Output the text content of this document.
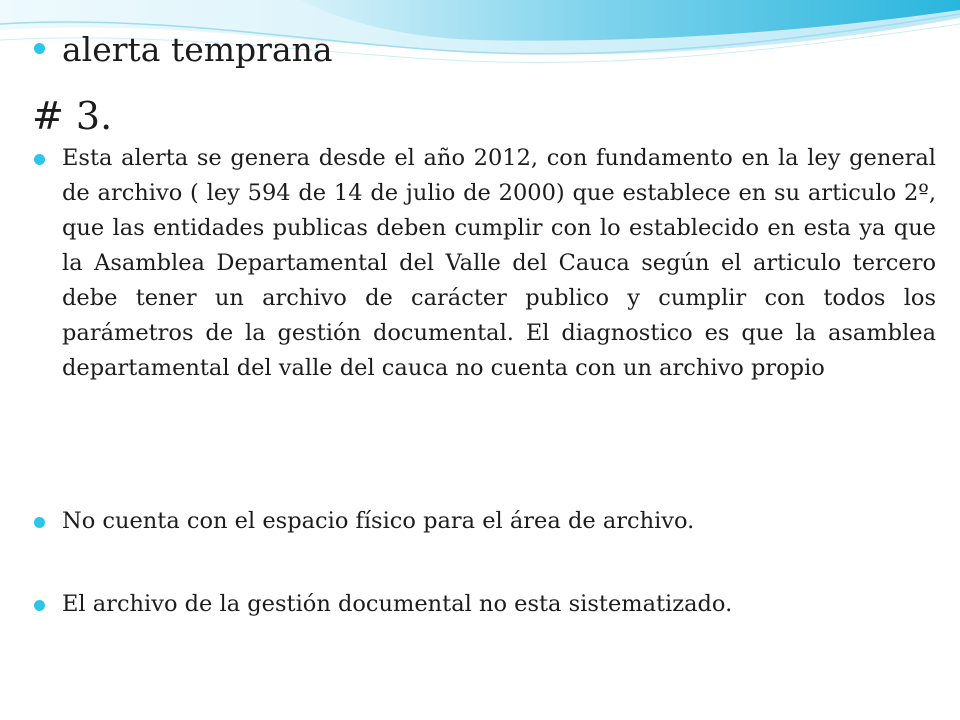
alerta temprana
# 3.

Esta alerta se genera desde el año 2012, con fundamento en la ley general de archivo ( ley 594 de 14 de julio de 2000) que establece en su articulo 2º, que las entidades publicas deben cumplir con lo establecido en esta ya que la Asamblea Departamental del Valle del Cauca según el articulo tercero debe tener un archivo de carácter publico y cumplir con todos los parámetros de la gestión documental. El diagnostico es que la asamblea departamental del valle del cauca no cuenta con un archivo propio

No cuenta con el espacio físico para el área de archivo.
El archivo de la gestión documental no esta sistematizado.
